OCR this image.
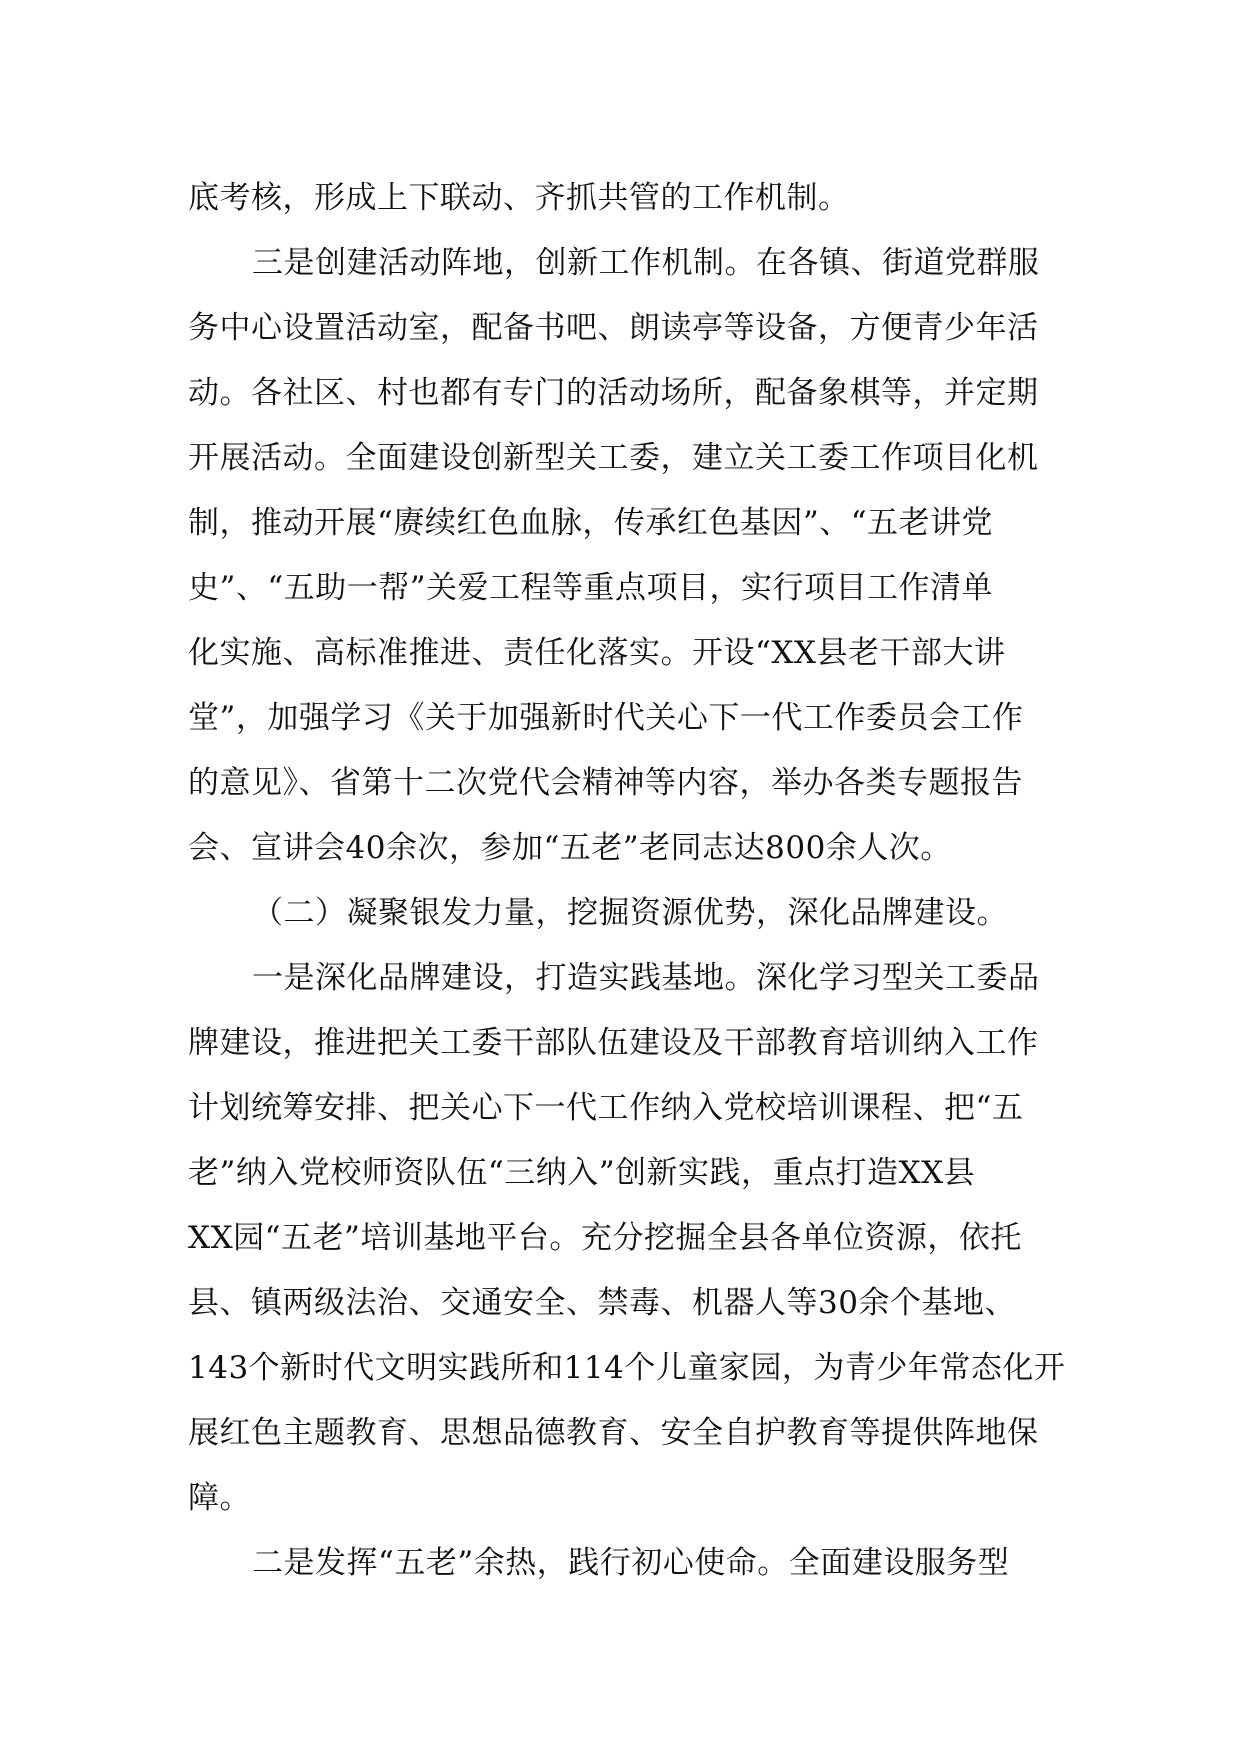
底考核，形成上下联动、齐抓共管的工作机制。
三是创建活动阵地，创新工作机制。在各镇、街道党群服
务中心设置活动室，配备书吧、朗读亭等设备，方便青少年活
动。各社区、村也都有专门的活动场所，配备象棋等，并定期
开展活动。全面建设创新型关工委，建立关工委工作项目化机
制，推动开展“赓续红色血脉，传承红色基因”、“五老讲党
史”、“五助一帮”关爱工程等重点项目，实行项目工作清单
化实施、高标准推进、责任化落实。开设“XX县老干部大讲
堂”，加强学习《关于加强新时代关心下一代工作委员会工作
的意见》、省第十二次党代会精神等内容，举办各类专题报告
会、宣讲会40余次，参加“五老”老同志达800余人次。
（二）凝聚银发力量，挖掘资源优势，深化品牌建设。
一是深化品牌建设，打造实践基地。深化学习型关工委品
牌建设，推进把关工委干部队伍建设及干部教育培训纳入工作
计划统筹安排、把关心下一代工作纳入党校培训课程、把“五
老”纳入党校师资队伍“三纳入”创新实践，重点打造XX县
XX园“五老”培训基地平台。充分挖掘全县各单位资源，依托
县、镇两级法治、交通安全、禁毒、机器人等30余个基地、
143个新时代文明实践所和114个儿童家园，为青少年常态化开
展红色主题教育、思想品德教育、安全自护教育等提供阵地保
障。
二是发挥“五老”余热，践行初心使命。全面建设服务型
